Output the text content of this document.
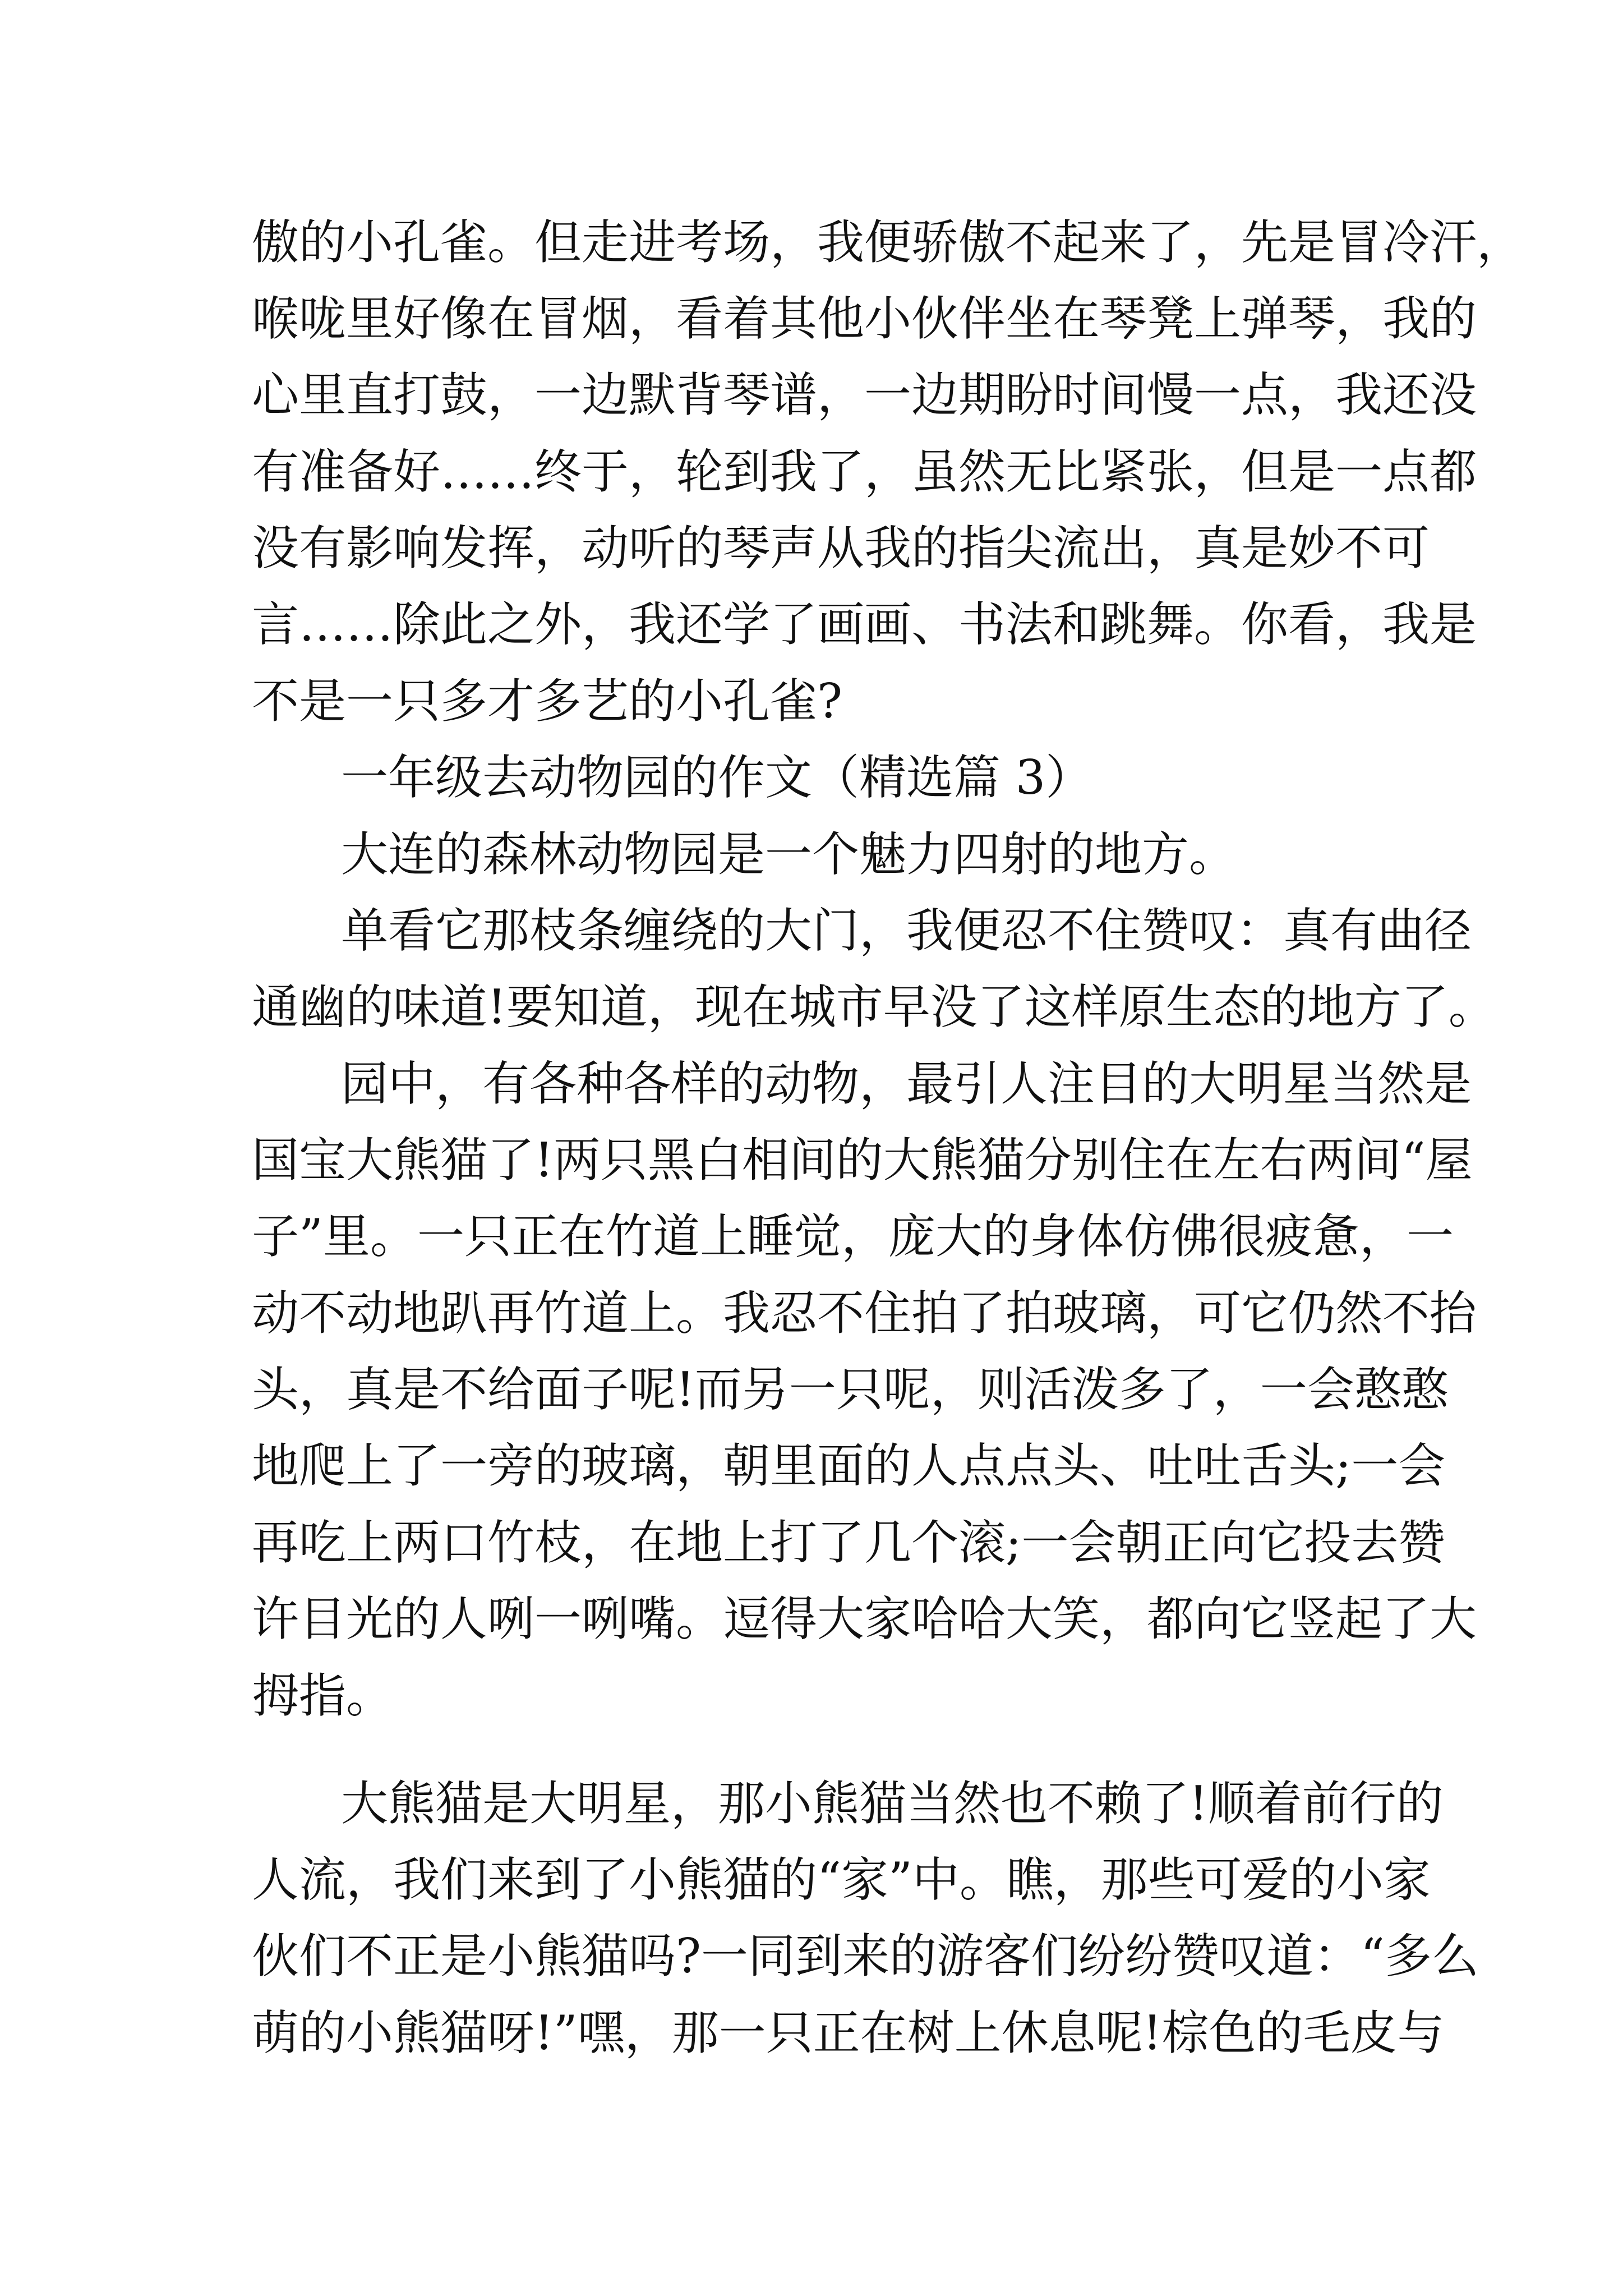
傲的小孔雀。但走进考场，我便骄傲不起来了，先是冒冷汗，
喉咙里好像在冒烟，看着其他小伙伴坐在琴凳上弹琴，我的
心里直打鼓，一边默背琴谱，一边期盼时间慢一点，我还没
有准备好……终于，轮到我了，虽然无比紧张，但是一点都
没有影响发挥，动听的琴声从我的指尖流出，真是妙不可
言……除此之外，我还学了画画、书法和跳舞。你看，我是
不是一只多才多艺的小孔雀?
一年级去动物园的作文（精选篇 3）
大连的森林动物园是一个魅力四射的地方。
单看它那枝条缠绕的大门，我便忍不住赞叹：真有曲径
通幽的味道!要知道，现在城市早没了这样原生态的地方了。
园中，有各种各样的动物，最引人注目的大明星当然是
国宝大熊猫了!两只黑白相间的大熊猫分别住在左右两间“屋
子”里。一只正在竹道上睡觉，庞大的身体仿佛很疲惫，一
动不动地趴再竹道上。我忍不住拍了拍玻璃，可它仍然不抬
头，真是不给面子呢!而另一只呢，则活泼多了，一会憨憨
地爬上了一旁的玻璃，朝里面的人点点头、吐吐舌头;一会
再吃上两口竹枝，在地上打了几个滚;一会朝正向它投去赞
许目光的人咧一咧嘴。逗得大家哈哈大笑，都向它竖起了大
拇指。
大熊猫是大明星，那小熊猫当然也不赖了!顺着前行的
人流，我们来到了小熊猫的“家”中。瞧，那些可爱的小家
伙们不正是小熊猫吗?一同到来的游客们纷纷赞叹道：“多么
萌的小熊猫呀!”嘿，那一只正在树上休息呢!棕色的毛皮与
